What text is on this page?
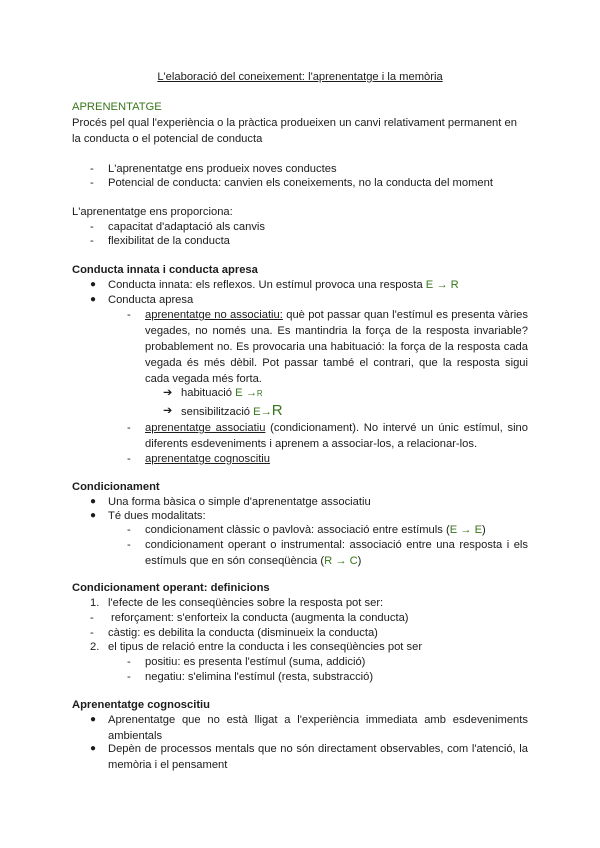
L'elaboració del coneixement: l'aprenentatge i la memòria
APRENENTATGE
Procés pel qual l'experiència o la pràctica produeixen un canvi relativament permanent en la conducta o el potencial de conducta
- L'aprenentatge ens produeix noves conductes
- Potencial de conducta: canvien els coneixements, no la conducta del moment
L'aprenentatge ens proporciona:
- capacitat d'adaptació als canvis
- flexibilitat de la conducta
Conducta innata i conducta apresa
● Conducta innata: els reflexos. Un estímul provoca una resposta E → R
● Conducta apresa
- aprenentatge no associatiu: què pot passar quan l'estímul es presenta vàries vegades, no només una. Es mantindria la força de la resposta invariable? probablement no. Es provocaria una habituació: la força de la resposta cada vegada és més dèbil. Pot passar també el contrari, que la resposta sigui cada vegada més forta.
➔ habituació E →R
➔ sensibilització E→R
- aprenentatge associatiu (condicionament). No intervé un únic estímul, sino diferents esdeveniments i aprenem a associar-los, a relacionar-los.
- aprenentatge cognoscitiu
Condicionament
● Una forma bàsica o simple d'aprenentatge associatiu
● Té dues modalitats:
- condicionament clàssic o pavlovà: associació entre estímuls (E → E)
- condicionament operant o instrumental: associació entre una resposta i els estímuls que en són conseqüència (R → C)
Condicionament operant: definicions
1. l'efecte de les conseqüències sobre la resposta pot ser:
- reforçament: s'enforteix la conducta (augmenta la conducta)
- càstig: es debilita la conducta (disminueix la conducta)
2. el tipus de relació entre la conducta i les conseqüències pot ser
- positiu: es presenta l'estímul (suma, addició)
- negatiu: s'elimina l'estímul (resta, substracció)
Aprenentatge cognoscitiu
● Aprenentatge que no està lligat a l'experiència immediata amb esdeveniments ambientals
● Depèn de processos mentals que no són directament observables, com l'atenció, la memòria i el pensament
